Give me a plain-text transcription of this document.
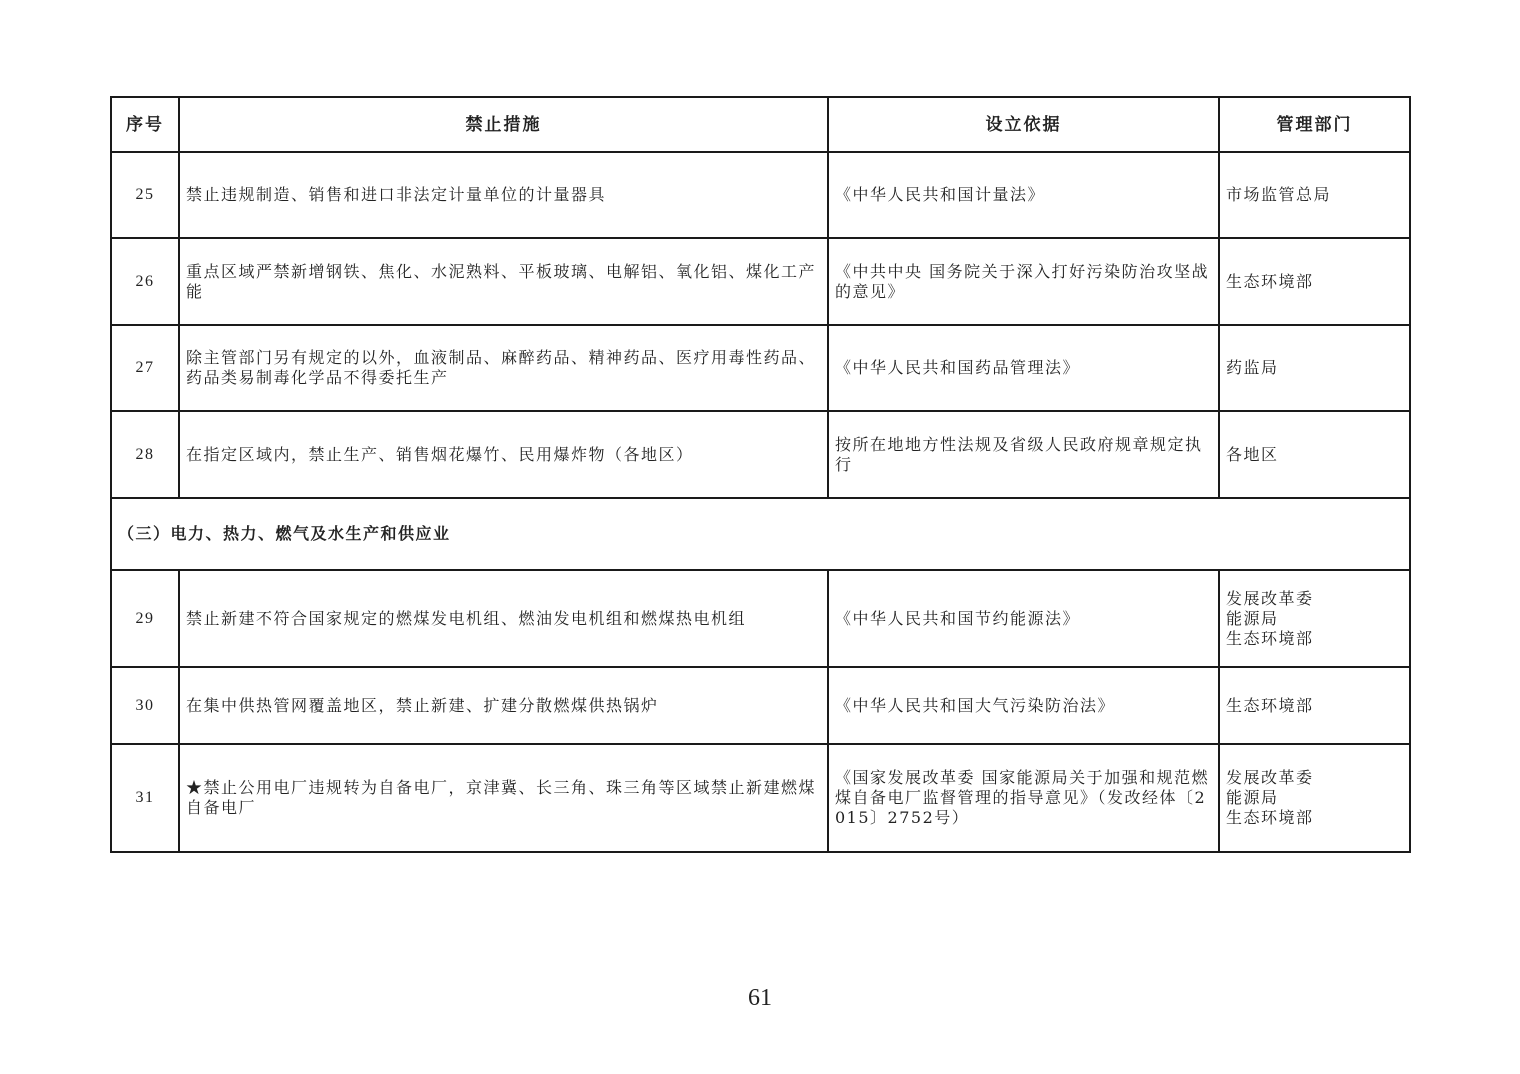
序号	禁止措施	设立依据	管理部门
25	禁止违规制造、销售和进口非法定计量单位的计量器具	《中华人民共和国计量法》	市场监管总局

26	重点区域严禁新增钢铁、焦化、水泥熟料、平板玻璃、电解铝、氧化铝、煤化工产能	《中共中央 国务院关于深入打好污染防治攻坚战的意见》	生态环境部

27	除主管部门另有规定的以外，血液制品、麻醉药品、精神药品、医疗用毒性药品、药品类易制毒化学品不得委托生产	《中华人民共和国药品管理法》	药监局

28	在指定区域内，禁止生产、销售烟花爆竹、民用爆炸物（各地区）	按所在地地方性法规及省级人民政府规章规定执行	各地区

（三）电力、热力、燃气及水生产和供应业			
29	禁止新建不符合国家规定的燃煤发电机组、燃油发电机组和燃煤热电机组	《中华人民共和国节约能源法》	发展改革委
能源局
生态环境部

30	在集中供热管网覆盖地区，禁止新建、扩建分散燃煤供热锅炉	《中华人民共和国大气污染防治法》	生态环境部

31	★禁止公用电厂违规转为自备电厂，京津冀、长三角、珠三角等区域禁止新建燃煤自备电厂	《国家发展改革委 国家能源局关于加强和规范燃煤自备电厂监督管理的指导意见》（发改经体〔2015〕2752号）	发展改革委
能源局
生态环境部
61
